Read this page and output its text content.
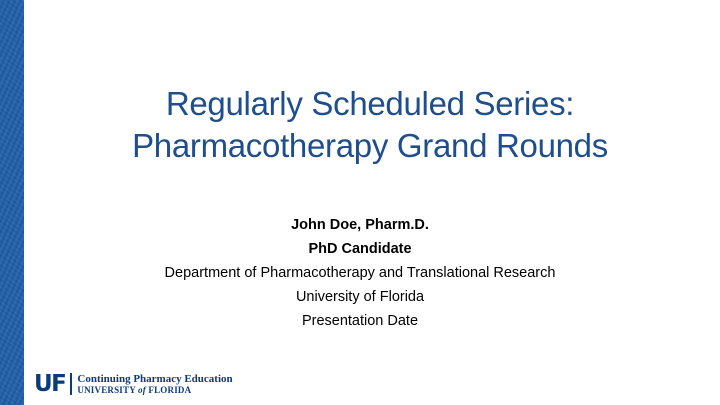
Regularly Scheduled Series:
Pharmacotherapy Grand Rounds
John Doe, Pharm.D.
PhD Candidate
Department of Pharmacotherapy and Translational Research
University of Florida
Presentation Date
UF	Continuing Pharmacy Education
UNIVERSITY of FLORIDA
